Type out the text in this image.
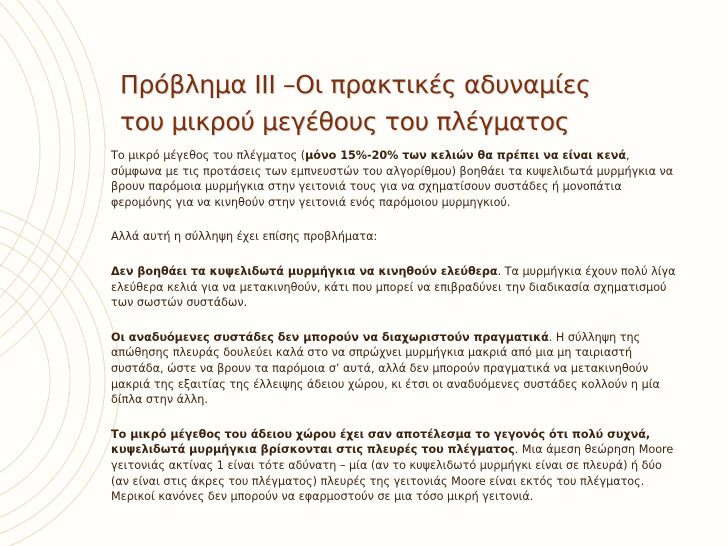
Πρόβλημα ΙΙΙ –Οι πρακτικές αδυναμίες
του μικρού μεγέθους του πλέγματος

Το μικρό μέγεθος του πλέγματος (μόνο 15%-20% των κελιών θα πρέπει να είναι κενά, σύμφωνα με τις προτάσεις των εμπνευστών του αλγορίθμου) βοηθάει τα κυψελιδωτά μυρμήγκια να βρουν παρόμοια μυρμήγκια στην γειτονιά τους για να σχηματίσουν συστάδες ή μονοπάτια φερομόνης για να κινηθούν στην γειτονιά ενός παρόμοιου μυρμηγκιού.

Αλλά αυτή η σύλληψη έχει επίσης προβλήματα:

Δεν βοηθάει τα κυψελιδωτά μυρμήγκια να κινηθούν ελεύθερα. Τα μυρμήγκια έχουν πολύ λίγα ελεύθερα κελιά για να μετακινηθούν, κάτι που μπορεί να επιβραδύνει την διαδικασία σχηματισμού των σωστών συστάδων.

Οι αναδυόμενες συστάδες δεν μπορούν να διαχωριστούν πραγματικά. Η σύλληψη της απώθησης πλευράς δουλεύει καλά στο να σπρώχνει μυρμήγκια μακριά από μια μη ταιριαστή συστάδα, ώστε να βρουν τα παρόμοια σ’ αυτά, αλλά δεν μπορούν πραγματικά να μετακινηθούν μακριά της εξαιτίας της έλλειψης άδειου χώρου, κι έτσι οι αναδυόμενες συστάδες κολλούν η μία δίπλα στην άλλη.

Το μικρό μέγεθος του άδειου χώρου έχει σαν αποτέλεσμα το γεγονός ότι πολύ συχνά, κυψελιδωτά μυρμήγκια βρίσκονται στις πλευρές του πλέγματος. Μια άμεση θεώρηση Moore γειτονιάς ακτίνας 1 είναι τότε αδύνατη – μία (αν το κυψελιδωτό μυρμήγκι είναι σε πλευρά) ή δύο (αν είναι στις άκρες του πλέγματος) πλευρές της γειτονιάς Moore είναι εκτός του πλέγματος. Μερικοί κανόνες δεν μπορούν να εφαρμοστούν σε μια τόσο μικρή γειτονιά.
